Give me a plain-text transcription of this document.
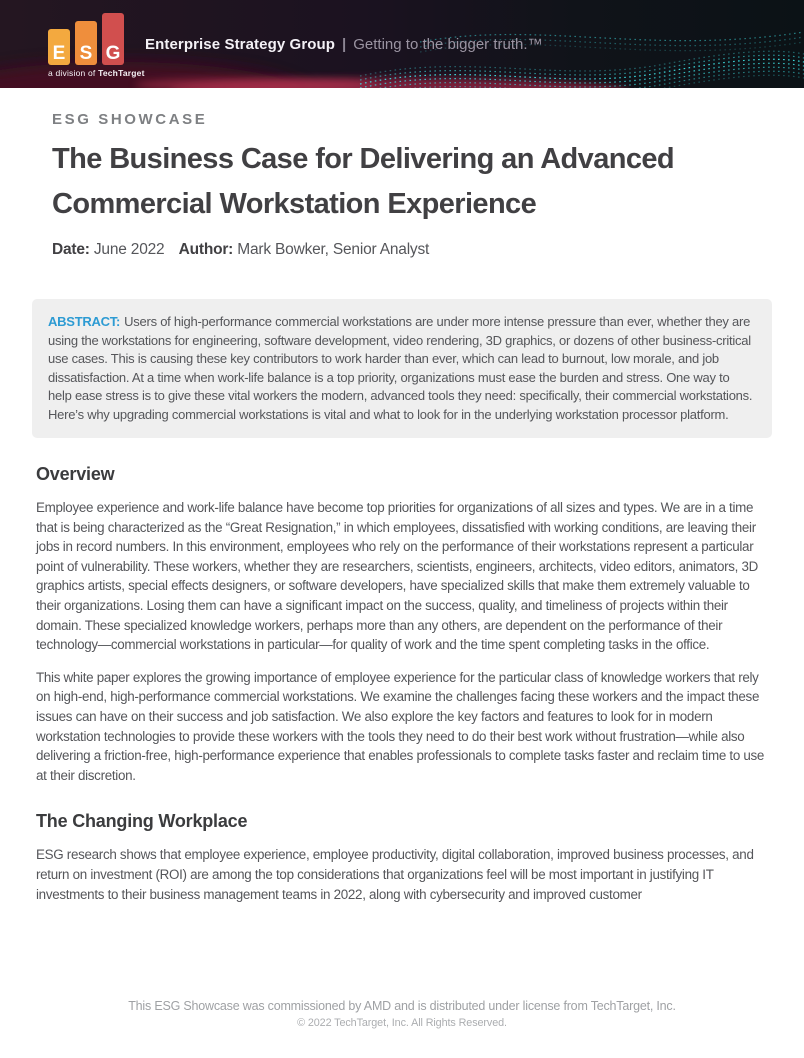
E S G
a division of TechTarget
Enterprise Strategy Group | Getting to the bigger truth.™
ESG SHOWCASE
The Business Case for Delivering an Advanced Commercial Workstation Experience
Date: June 2022 Author: Mark Bowker, Senior Analyst

ABSTRACT: Users of high-performance commercial workstations are under more intense pressure than ever, whether they are using the workstations for engineering, software development, video rendering, 3D graphics, or dozens of other business-critical use cases. This is causing these key contributors to work harder than ever, which can lead to burnout, low morale, and job dissatisfaction. At a time when work-life balance is a top priority, organizations must ease the burden and stress. One way to help ease stress is to give these vital workers the modern, advanced tools they need: specifically, their commercial workstations. Here’s why upgrading commercial workstations is vital and what to look for in the underlying workstation processor platform.

Overview

Employee experience and work-life balance have become top priorities for organizations of all sizes and types. We are in a time that is being characterized as the “Great Resignation,” in which employees, dissatisfied with working conditions, are leaving their jobs in record numbers. In this environment, employees who rely on the performance of their workstations represent a particular point of vulnerability. These workers, whether they are researchers, scientists, engineers, architects, video editors, animators, 3D graphics artists, special effects designers, or software developers, have specialized skills that make them extremely valuable to their organizations. Losing them can have a significant impact on the success, quality, and timeliness of projects within their domain. These specialized knowledge workers, perhaps more than any others, are dependent on the performance of their technology—commercial workstations in particular—for quality of work and the time spent completing tasks in the office.

This white paper explores the growing importance of employee experience for the particular class of knowledge workers that rely on high-end, high-performance commercial workstations. We examine the challenges facing these workers and the impact these issues can have on their success and job satisfaction. We also explore the key factors and features to look for in modern workstation technologies to provide these workers with the tools they need to do their best work without frustration—while also delivering a friction-free, high-performance experience that enables professionals to complete tasks faster and reclaim time to use at their discretion.

The Changing Workplace

ESG research shows that employee experience, employee productivity, digital collaboration, improved business processes, and return on investment (ROI) are among the top considerations that organizations feel will be most important in justifying IT investments to their business management teams in 2022, along with cybersecurity and improved customer

This ESG Showcase was commissioned by AMD and is distributed under license from TechTarget, Inc.
© 2022 TechTarget, Inc. All Rights Reserved.
